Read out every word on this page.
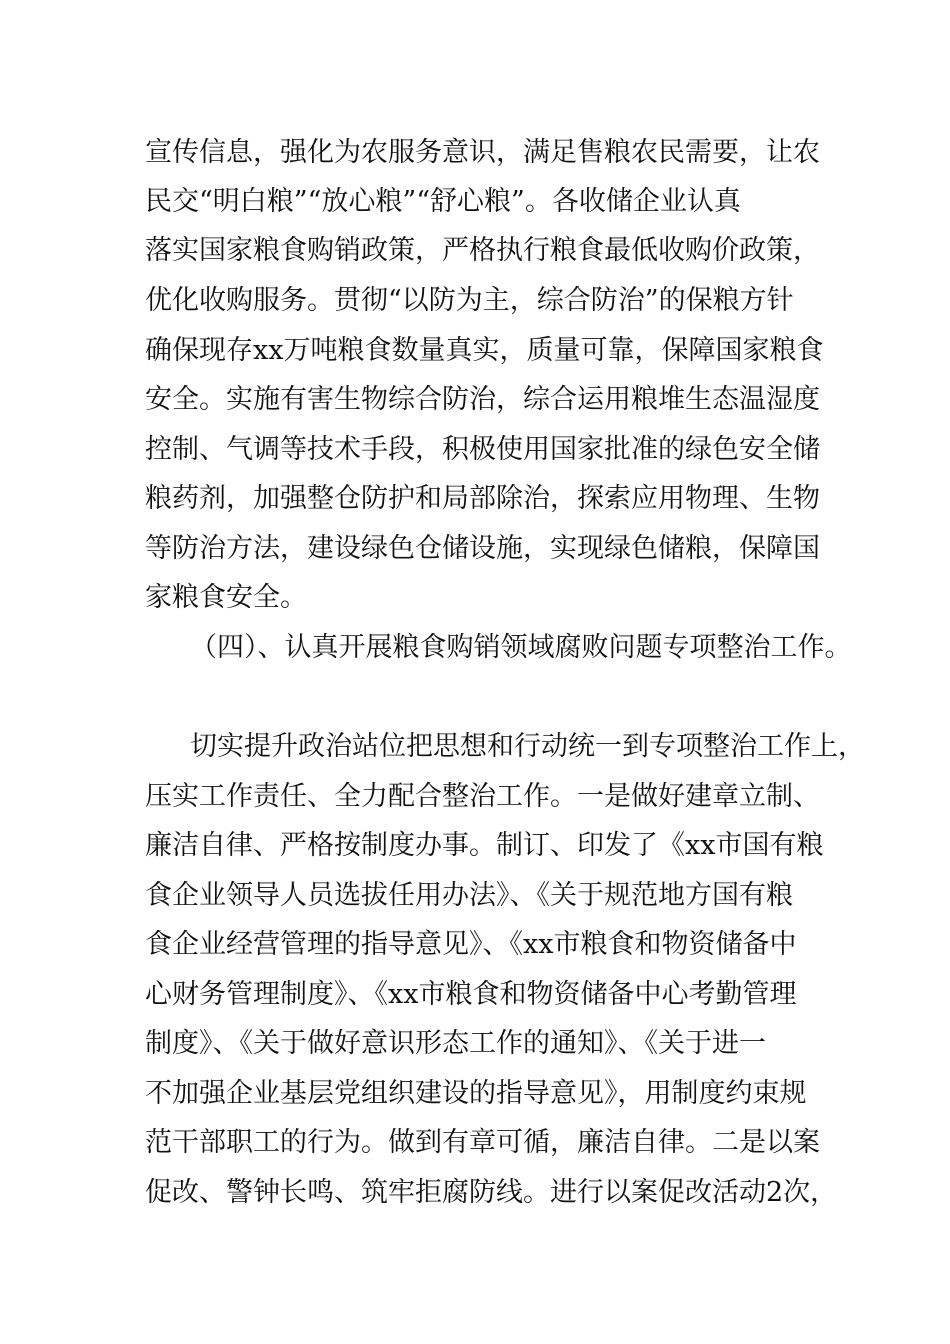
宣传信息，强化为农服务意识，满足售粮农民需要，让农
民交“明白粮”“放心粮”“舒心粮”。各收储企业认真
落实国家粮食购销政策，严格执行粮食最低收购价政策，
优化收购服务。贯彻“以防为主，综合防治”的保粮方针
确保现存xx万吨粮食数量真实，质量可靠，保障国家粮食
安全。实施有害生物综合防治，综合运用粮堆生态温湿度
控制、气调等技术手段，积极使用国家批准的绿色安全储
粮药剂，加强整仓防护和局部除治，探索应用物理、生物
等防治方法，建设绿色仓储设施，实现绿色储粮，保障国
家粮食安全。
（四）、认真开展粮食购销领域腐败问题专项整治工作。
切实提升政治站位把思想和行动统一到专项整治工作上，
压实工作责任、全力配合整治工作。一是做好建章立制、
廉洁自律、严格按制度办事。制订、印发了《xx市国有粮
食企业领导人员选拔任用办法》、《关于规范地方国有粮
食企业经营管理的指导意见》、《xx市粮食和物资储备中
心财务管理制度》、《xx市粮食和物资储备中心考勤管理
制度》、《关于做好意识形态工作的通知》、《关于进一
不加强企业基层党组织建设的指导意见》，用制度约束规
范干部职工的行为。做到有章可循，廉洁自律。二是以案
促改、警钟长鸣、筑牢拒腐防线。进行以案促改活动2次，
